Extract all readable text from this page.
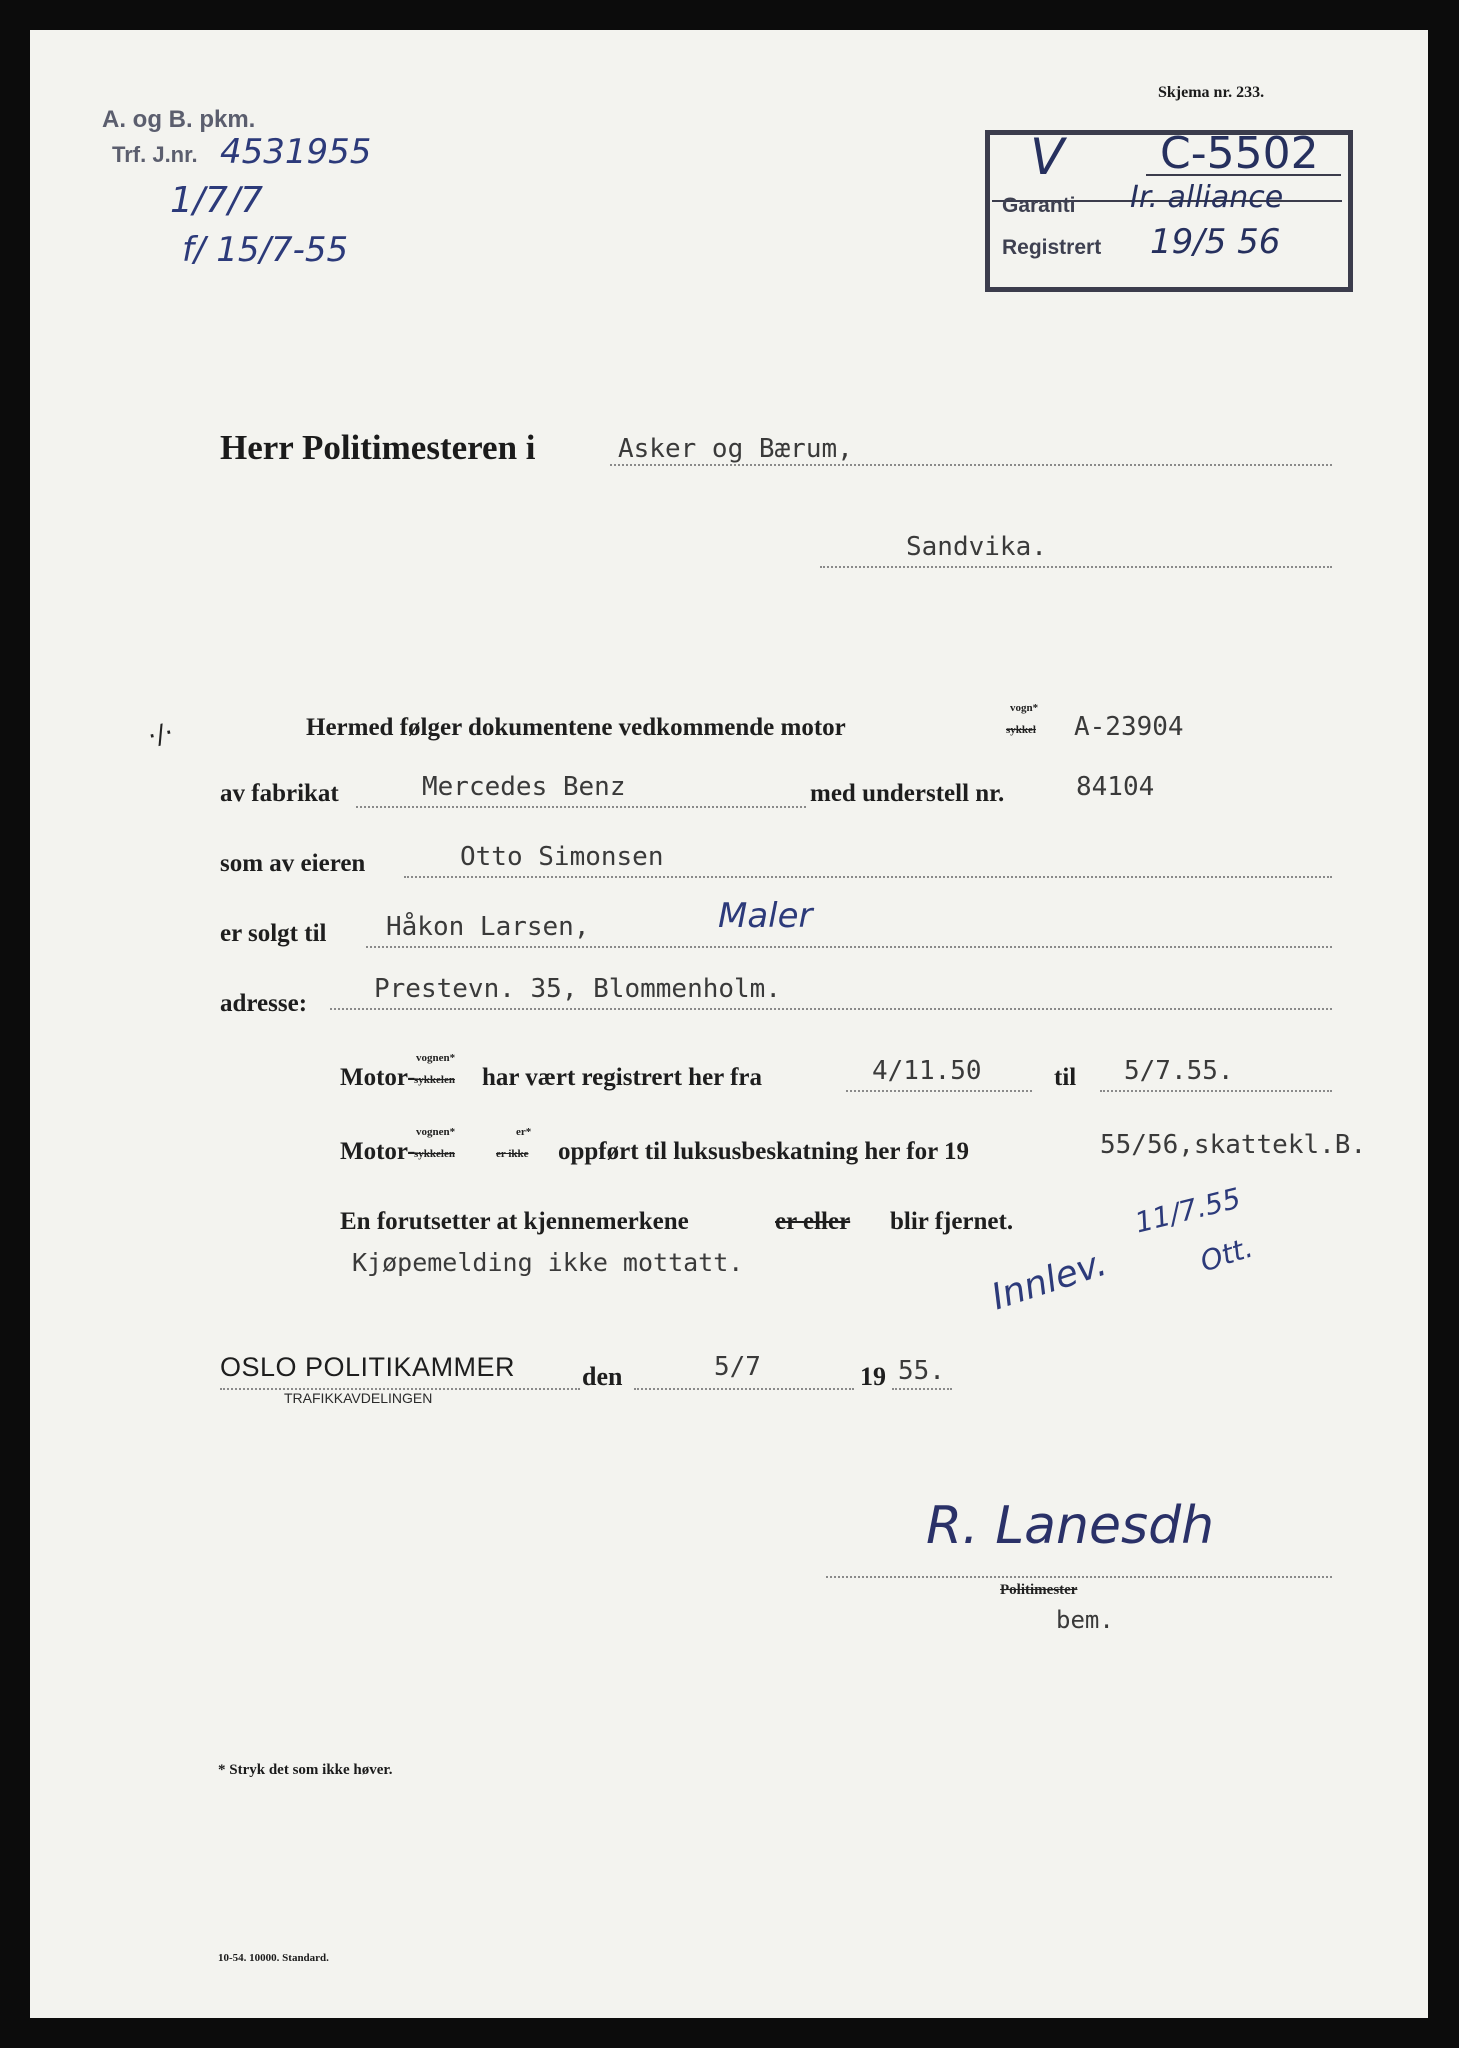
Skjema nr. 233.
A. og B. pkm.
Trf. J.nr. 4531955
1/7/7
f/ 15/7-55
V C-5502
Garanti Ir. alliance
Registrert 19/5 56
Herr Politimesteren i	Asker og Bærum,
Sandvika.
·/·	Hermed følger dokumentene vedkommende motor
vogn*
sykkel A-23904
av fabrikat	Mercedes Benz	med understell nr.	84104
som av eieren	Otto Simonsen
er solgt til Håkon Larsen,	Maler
adresse:	Prestevn. 35, Blommenholm.
Motor-
vognen*
sykkelen har vært registrert her fra	4/11.50	til 5/7.55.
Motor-
vognen*	er*
sykkelen	er ikke oppført til luksusbeskatning her for 19	55/56,skattekl.B.
En forutsetter at kjennemerkene	er eller blir fjernet.
Kjøpemelding ikke mottatt.	Innlev.
11/7.55
Ott.
OSLO POLITIKAMMER
TRAFIKKAVDELINGEN
den	5/7	19 55.
R. Lanesdh
Politimester
bem.
* Stryk det som ikke høver.
10-54. 10000. Standard.
